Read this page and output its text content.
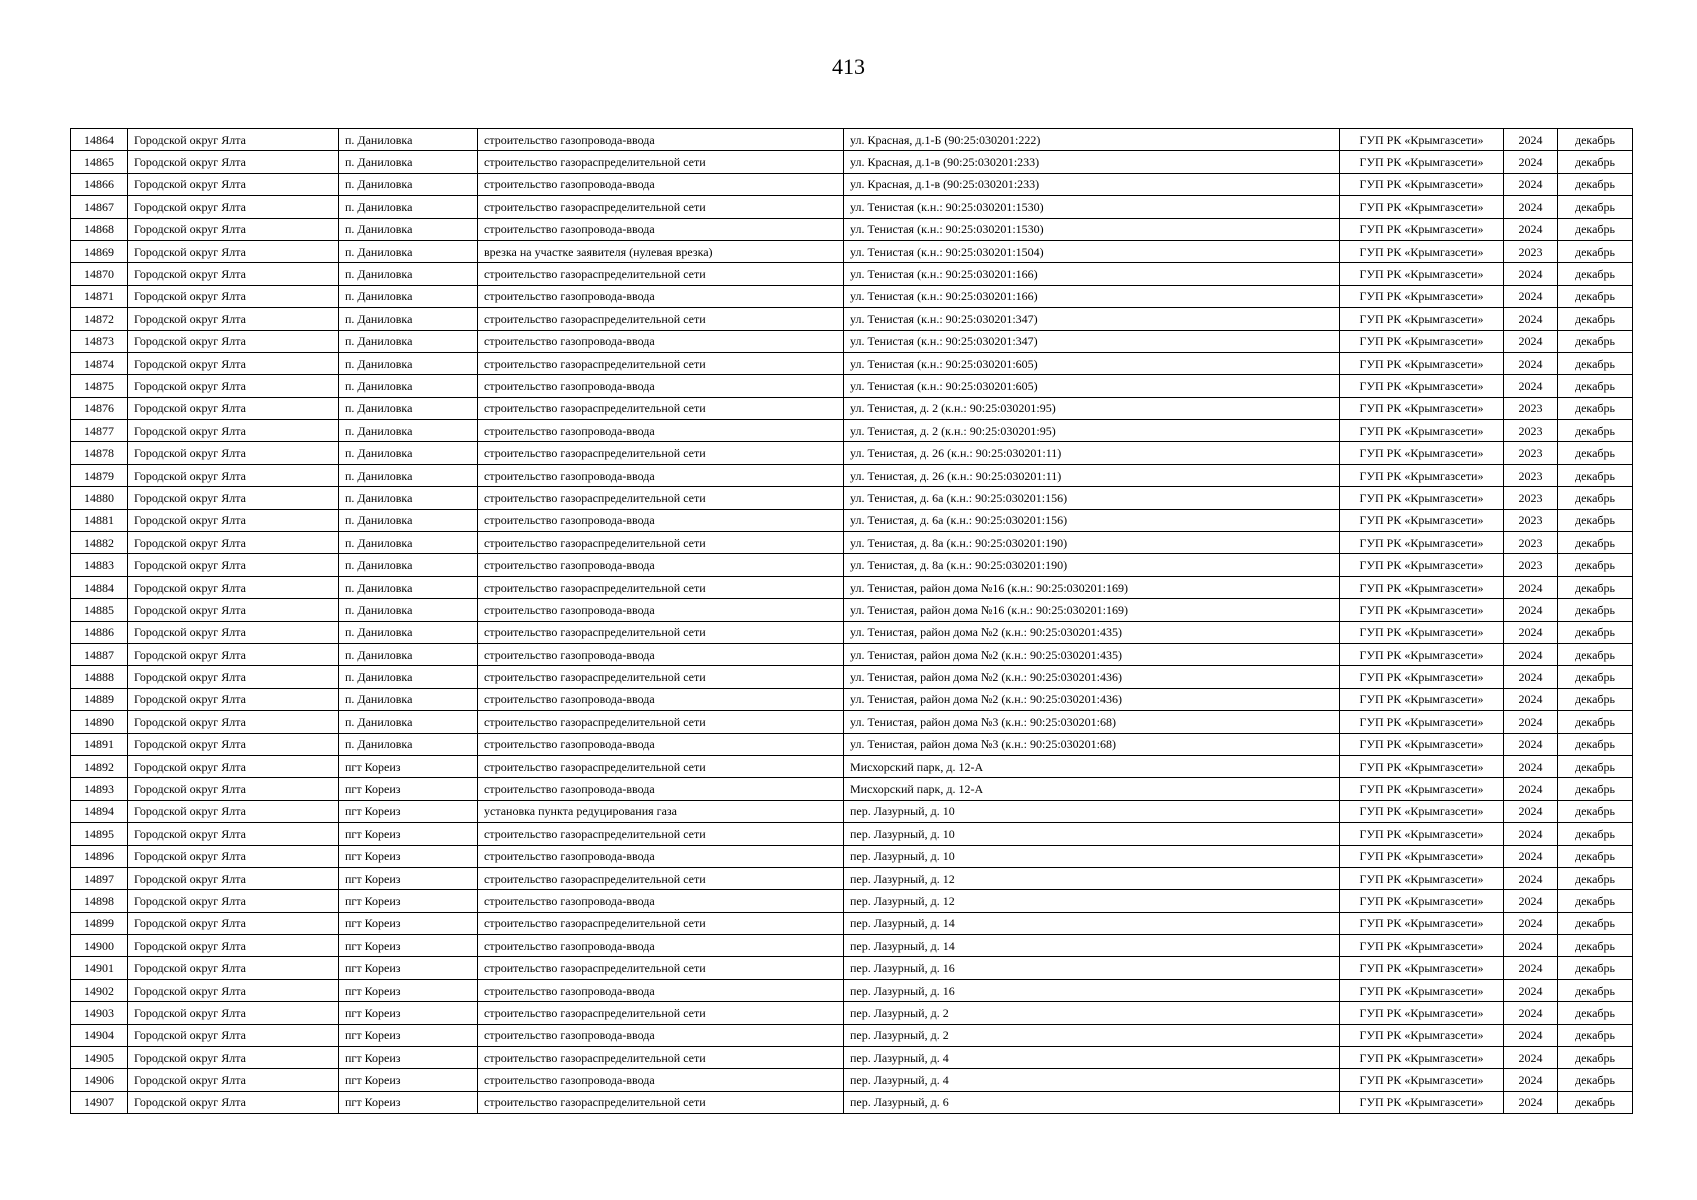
413
14864	Городской округ Ялта	п. Даниловка	строительство газопровода-ввода	ул. Красная, д.1-Б (90:25:030201:222)	ГУП РК «Крымгазсети»	2024	декабрь
14865	Городской округ Ялта	п. Даниловка	строительство газораспределительной сети	ул. Красная, д.1-в (90:25:030201:233)	ГУП РК «Крымгазсети»	2024	декабрь
14866	Городской округ Ялта	п. Даниловка	строительство газопровода-ввода	ул. Красная, д.1-в (90:25:030201:233)	ГУП РК «Крымгазсети»	2024	декабрь
14867	Городской округ Ялта	п. Даниловка	строительство газораспределительной сети	ул. Тенистая (к.н.: 90:25:030201:1530)	ГУП РК «Крымгазсети»	2024	декабрь
14868	Городской округ Ялта	п. Даниловка	строительство газопровода-ввода	ул. Тенистая (к.н.: 90:25:030201:1530)	ГУП РК «Крымгазсети»	2024	декабрь
14869	Городской округ Ялта	п. Даниловка	врезка на участке заявителя (нулевая врезка)	ул. Тенистая (к.н.: 90:25:030201:1504)	ГУП РК «Крымгазсети»	2023	декабрь
14870	Городской округ Ялта	п. Даниловка	строительство газораспределительной сети	ул. Тенистая (к.н.: 90:25:030201:166)	ГУП РК «Крымгазсети»	2024	декабрь
14871	Городской округ Ялта	п. Даниловка	строительство газопровода-ввода	ул. Тенистая (к.н.: 90:25:030201:166)	ГУП РК «Крымгазсети»	2024	декабрь
14872	Городской округ Ялта	п. Даниловка	строительство газораспределительной сети	ул. Тенистая (к.н.: 90:25:030201:347)	ГУП РК «Крымгазсети»	2024	декабрь
14873	Городской округ Ялта	п. Даниловка	строительство газопровода-ввода	ул. Тенистая (к.н.: 90:25:030201:347)	ГУП РК «Крымгазсети»	2024	декабрь
14874	Городской округ Ялта	п. Даниловка	строительство газораспределительной сети	ул. Тенистая (к.н.: 90:25:030201:605)	ГУП РК «Крымгазсети»	2024	декабрь
14875	Городской округ Ялта	п. Даниловка	строительство газопровода-ввода	ул. Тенистая (к.н.: 90:25:030201:605)	ГУП РК «Крымгазсети»	2024	декабрь
14876	Городской округ Ялта	п. Даниловка	строительство газораспределительной сети	ул. Тенистая, д. 2 (к.н.: 90:25:030201:95)	ГУП РК «Крымгазсети»	2023	декабрь
14877	Городской округ Ялта	п. Даниловка	строительство газопровода-ввода	ул. Тенистая, д. 2 (к.н.: 90:25:030201:95)	ГУП РК «Крымгазсети»	2023	декабрь
14878	Городской округ Ялта	п. Даниловка	строительство газораспределительной сети	ул. Тенистая, д. 26 (к.н.: 90:25:030201:11)	ГУП РК «Крымгазсети»	2023	декабрь
14879	Городской округ Ялта	п. Даниловка	строительство газопровода-ввода	ул. Тенистая, д. 26 (к.н.: 90:25:030201:11)	ГУП РК «Крымгазсети»	2023	декабрь
14880	Городской округ Ялта	п. Даниловка	строительство газораспределительной сети	ул. Тенистая, д. 6а (к.н.: 90:25:030201:156)	ГУП РК «Крымгазсети»	2023	декабрь
14881	Городской округ Ялта	п. Даниловка	строительство газопровода-ввода	ул. Тенистая, д. 6а (к.н.: 90:25:030201:156)	ГУП РК «Крымгазсети»	2023	декабрь
14882	Городской округ Ялта	п. Даниловка	строительство газораспределительной сети	ул. Тенистая, д. 8а (к.н.: 90:25:030201:190)	ГУП РК «Крымгазсети»	2023	декабрь
14883	Городской округ Ялта	п. Даниловка	строительство газопровода-ввода	ул. Тенистая, д. 8а (к.н.: 90:25:030201:190)	ГУП РК «Крымгазсети»	2023	декабрь
14884	Городской округ Ялта	п. Даниловка	строительство газораспределительной сети	ул. Тенистая, район дома №16 (к.н.: 90:25:030201:169)	ГУП РК «Крымгазсети»	2024	декабрь
14885	Городской округ Ялта	п. Даниловка	строительство газопровода-ввода	ул. Тенистая, район дома №16 (к.н.: 90:25:030201:169)	ГУП РК «Крымгазсети»	2024	декабрь
14886	Городской округ Ялта	п. Даниловка	строительство газораспределительной сети	ул. Тенистая, район дома №2 (к.н.: 90:25:030201:435)	ГУП РК «Крымгазсети»	2024	декабрь
14887	Городской округ Ялта	п. Даниловка	строительство газопровода-ввода	ул. Тенистая, район дома №2 (к.н.: 90:25:030201:435)	ГУП РК «Крымгазсети»	2024	декабрь
14888	Городской округ Ялта	п. Даниловка	строительство газораспределительной сети	ул. Тенистая, район дома №2 (к.н.: 90:25:030201:436)	ГУП РК «Крымгазсети»	2024	декабрь
14889	Городской округ Ялта	п. Даниловка	строительство газопровода-ввода	ул. Тенистая, район дома №2 (к.н.: 90:25:030201:436)	ГУП РК «Крымгазсети»	2024	декабрь
14890	Городской округ Ялта	п. Даниловка	строительство газораспределительной сети	ул. Тенистая, район дома №3 (к.н.: 90:25:030201:68)	ГУП РК «Крымгазсети»	2024	декабрь
14891	Городской округ Ялта	п. Даниловка	строительство газопровода-ввода	ул. Тенистая, район дома №3 (к.н.: 90:25:030201:68)	ГУП РК «Крымгазсети»	2024	декабрь
14892	Городской округ Ялта	пгт Кореиз	строительство газораспределительной сети	Мисхорский парк, д. 12-А	ГУП РК «Крымгазсети»	2024	декабрь
14893	Городской округ Ялта	пгт Кореиз	строительство газопровода-ввода	Мисхорский парк, д. 12-А	ГУП РК «Крымгазсети»	2024	декабрь
14894	Городской округ Ялта	пгт Кореиз	установка пункта редуцирования газа	пер. Лазурный, д. 10	ГУП РК «Крымгазсети»	2024	декабрь
14895	Городской округ Ялта	пгт Кореиз	строительство газораспределительной сети	пер. Лазурный, д. 10	ГУП РК «Крымгазсети»	2024	декабрь
14896	Городской округ Ялта	пгт Кореиз	строительство газопровода-ввода	пер. Лазурный, д. 10	ГУП РК «Крымгазсети»	2024	декабрь
14897	Городской округ Ялта	пгт Кореиз	строительство газораспределительной сети	пер. Лазурный, д. 12	ГУП РК «Крымгазсети»	2024	декабрь
14898	Городской округ Ялта	пгт Кореиз	строительство газопровода-ввода	пер. Лазурный, д. 12	ГУП РК «Крымгазсети»	2024	декабрь
14899	Городской округ Ялта	пгт Кореиз	строительство газораспределительной сети	пер. Лазурный, д. 14	ГУП РК «Крымгазсети»	2024	декабрь
14900	Городской округ Ялта	пгт Кореиз	строительство газопровода-ввода	пер. Лазурный, д. 14	ГУП РК «Крымгазсети»	2024	декабрь
14901	Городской округ Ялта	пгт Кореиз	строительство газораспределительной сети	пер. Лазурный, д. 16	ГУП РК «Крымгазсети»	2024	декабрь
14902	Городской округ Ялта	пгт Кореиз	строительство газопровода-ввода	пер. Лазурный, д. 16	ГУП РК «Крымгазсети»	2024	декабрь
14903	Городской округ Ялта	пгт Кореиз	строительство газораспределительной сети	пер. Лазурный, д. 2	ГУП РК «Крымгазсети»	2024	декабрь
14904	Городской округ Ялта	пгт Кореиз	строительство газопровода-ввода	пер. Лазурный, д. 2	ГУП РК «Крымгазсети»	2024	декабрь
14905	Городской округ Ялта	пгт Кореиз	строительство газораспределительной сети	пер. Лазурный, д. 4	ГУП РК «Крымгазсети»	2024	декабрь
14906	Городской округ Ялта	пгт Кореиз	строительство газопровода-ввода	пер. Лазурный, д. 4	ГУП РК «Крымгазсети»	2024	декабрь
14907	Городской округ Ялта	пгт Кореиз	строительство газораспределительной сети	пер. Лазурный, д. 6	ГУП РК «Крымгазсети»	2024	декабрь
